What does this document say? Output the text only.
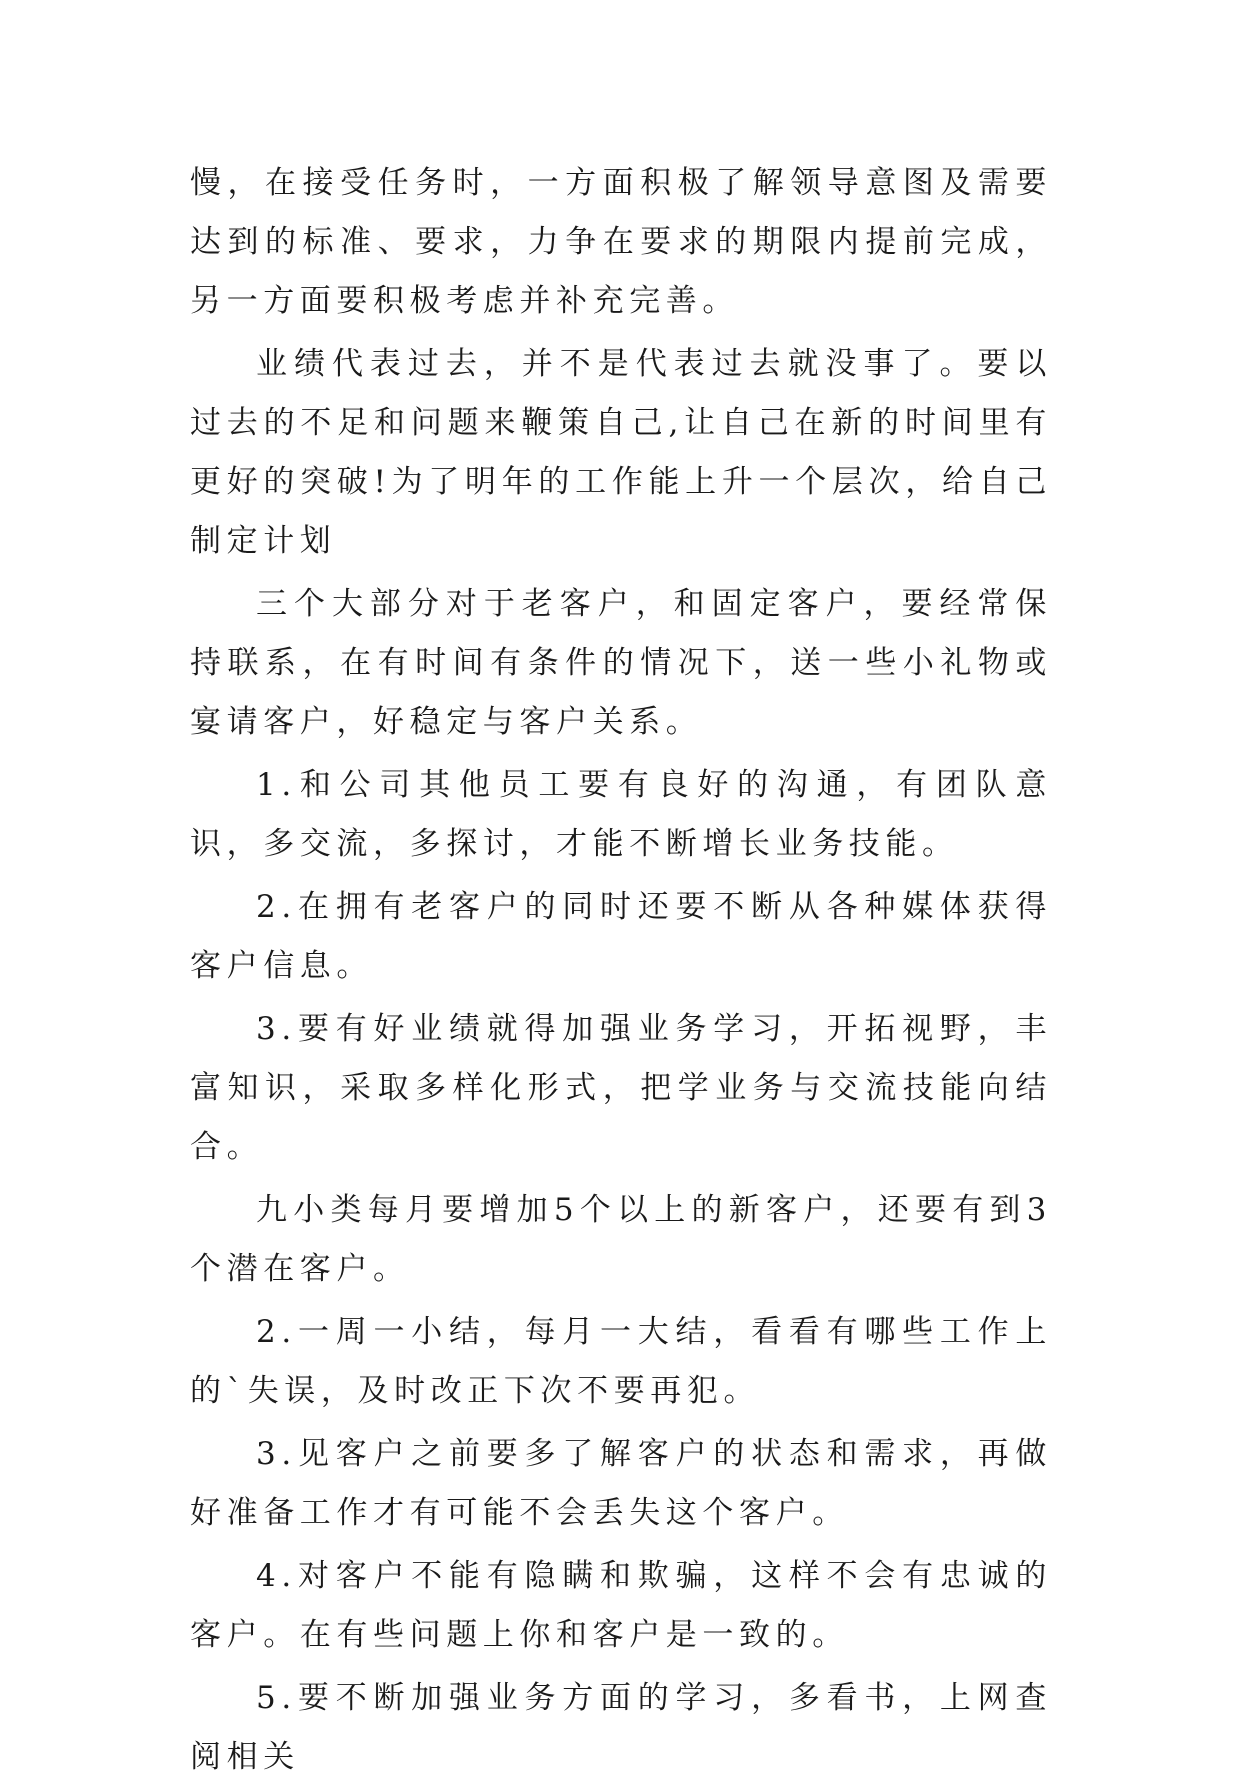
慢，在接受任务时，一方面积极了解领导意图及需要达到的标准、要求，力争在要求的期限内提前完成，另一方面要积极考虑并补充完善。

业绩代表过去，并不是代表过去就没事了。要以过去的不足和问题来鞭策自己,让自己在新的时间里有更好的突破!为了明年的工作能上升一个层次，给自己制定计划

三个大部分对于老客户，和固定客户，要经常保持联系，在有时间有条件的情况下，送一些小礼物或宴请客户，好稳定与客户关系。

1.和公司其他员工要有良好的沟通，有团队意识，多交流，多探讨，才能不断增长业务技能。

2.在拥有老客户的同时还要不断从各种媒体获得客户信息。

3.要有好业绩就得加强业务学习，开拓视野，丰富知识，采取多样化形式，把学业务与交流技能向结合。

九小类每月要增加5个以上的新客户，还要有到3个潜在客户。

2.一周一小结，每月一大结，看看有哪些工作上的`失误，及时改正下次不要再犯。

3.见客户之前要多了解客户的状态和需求，再做好准备工作才有可能不会丢失这个客户。

4.对客户不能有隐瞒和欺骗，这样不会有忠诚的客户。在有些问题上你和客户是一致的。

5.要不断加强业务方面的学习，多看书，上网查阅相关
